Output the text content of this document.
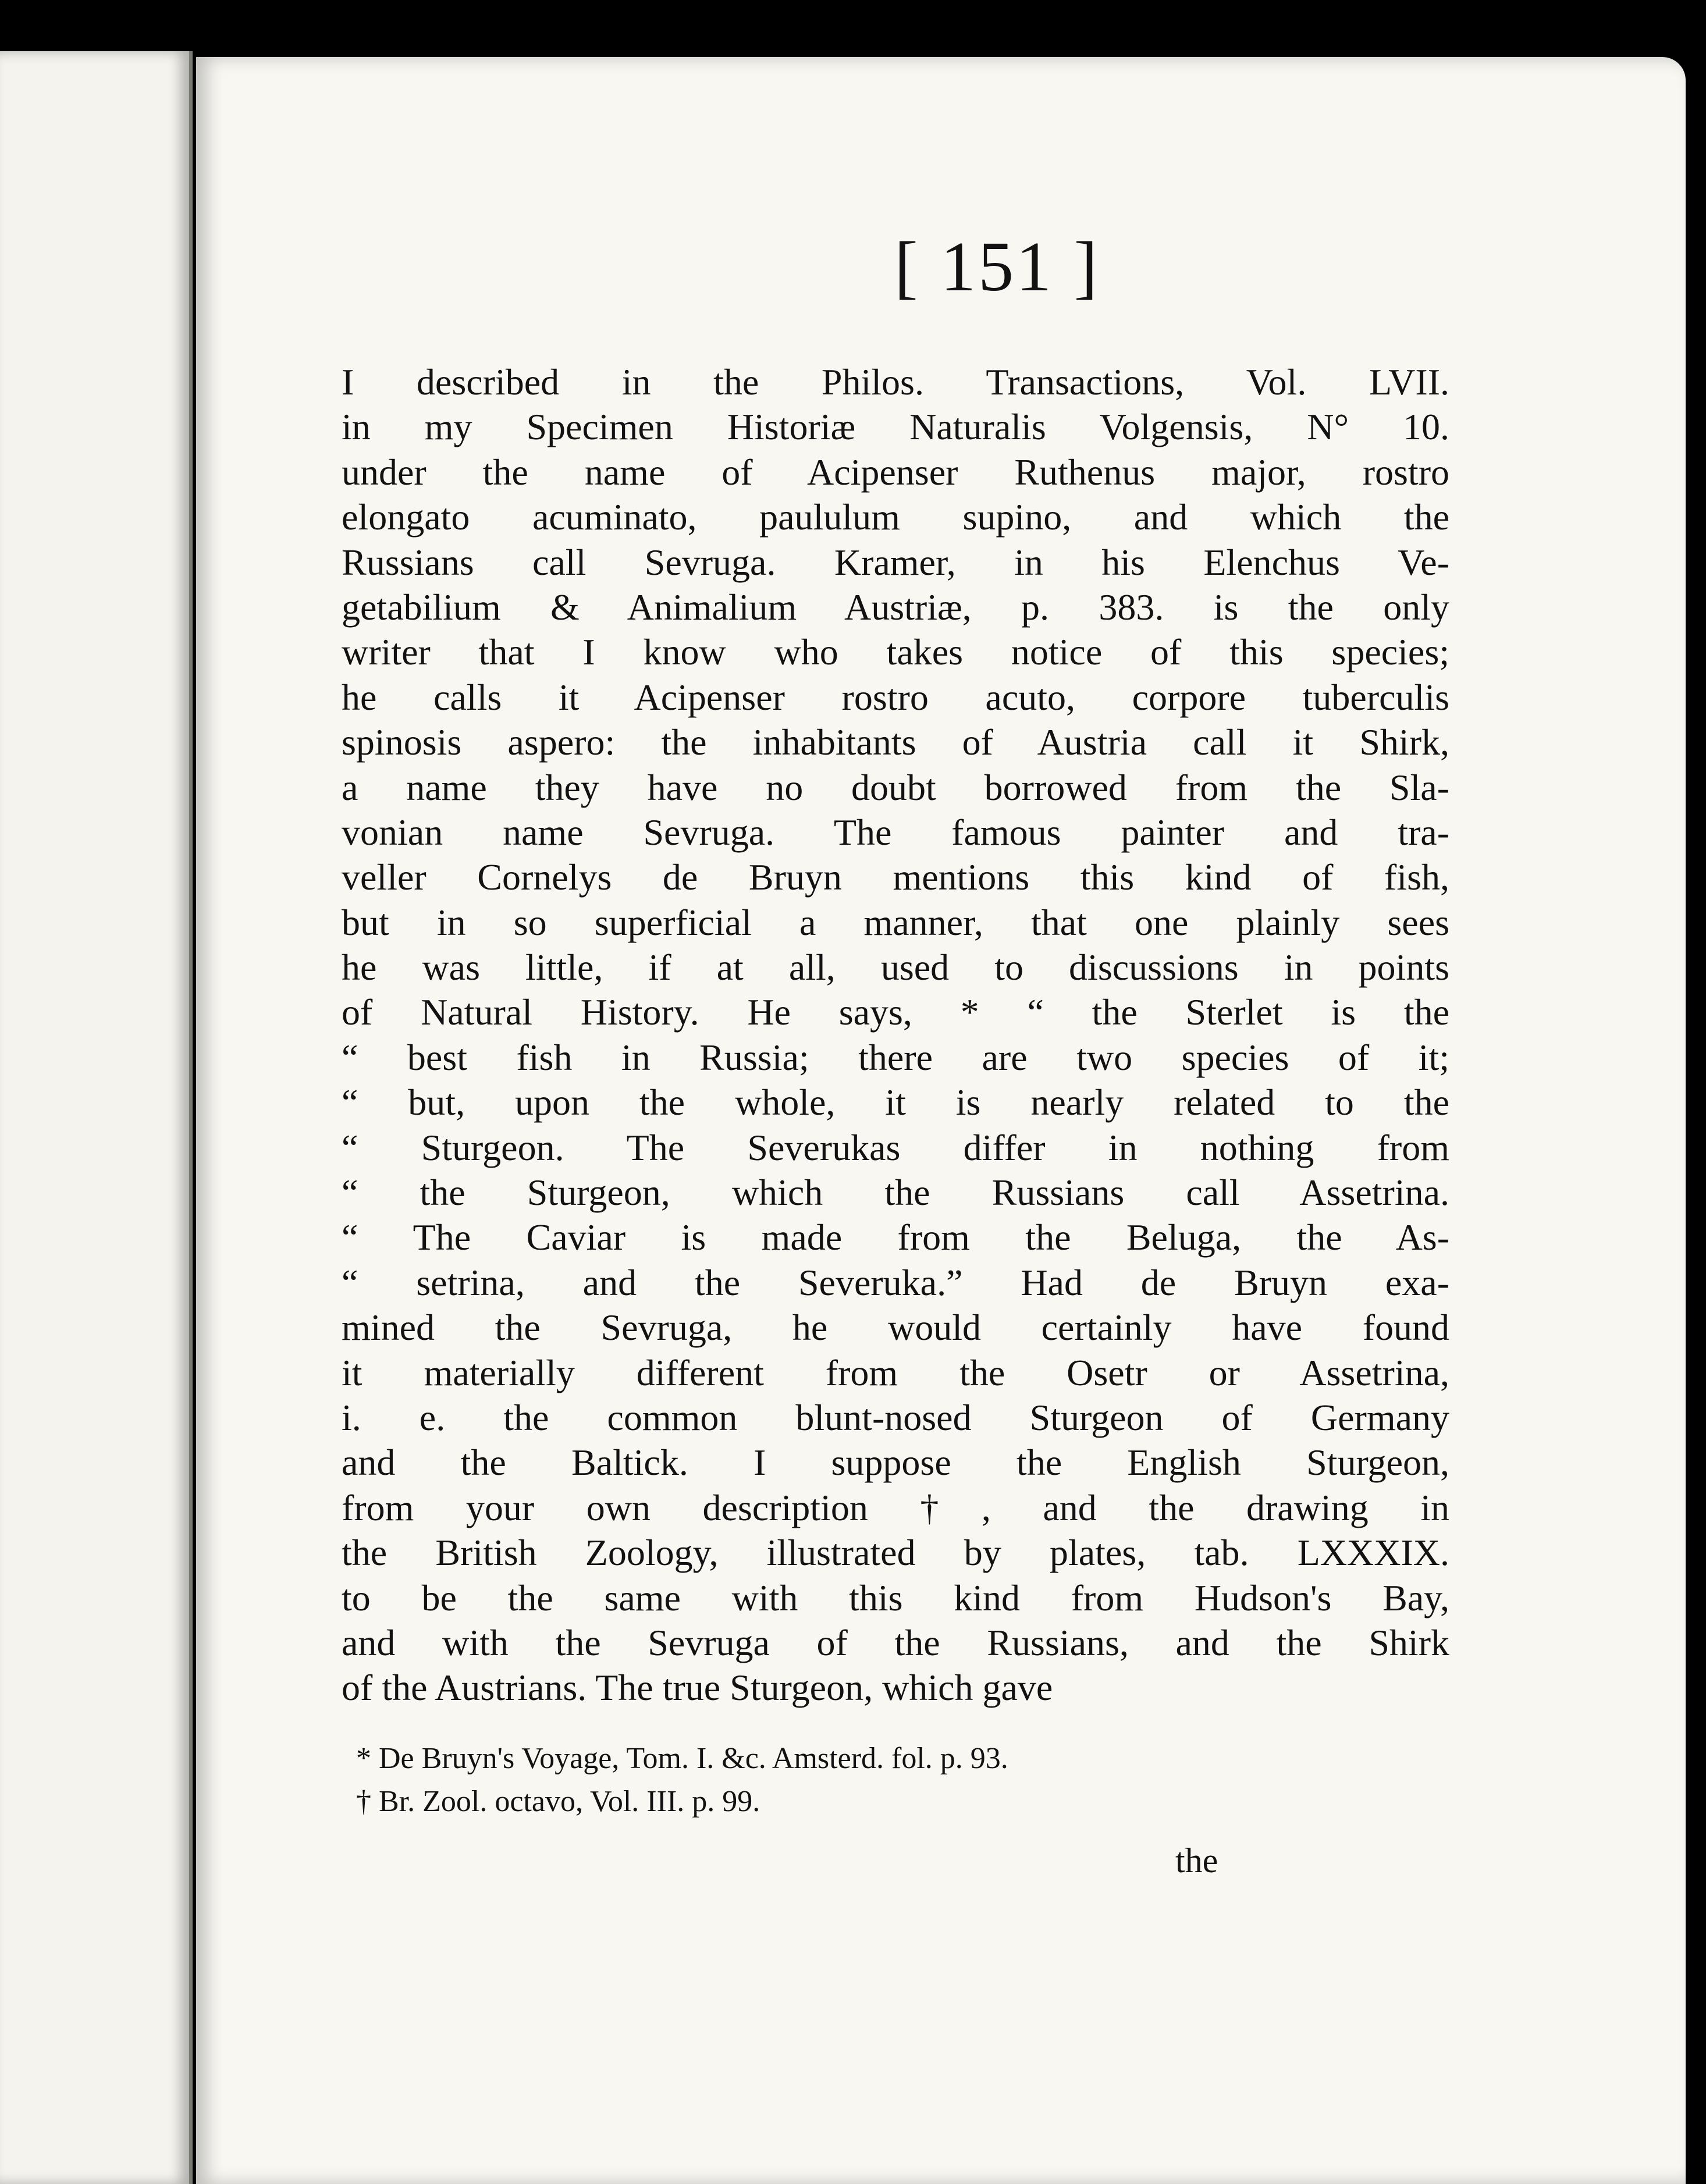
[ 151 ]
I described in the Philos. Transactions, Vol. LVII.
in my Specimen Historiæ Naturalis Volgensis, N° 10.
under the name of Acipenser Ruthenus major, rostro
elongato acuminato, paululum supino, and which the
Russians call Sevruga. Kramer, in his Elenchus Ve-
getabilium & Animalium Austriæ, p. 383. is the only
writer that I know who takes notice of this species;
he calls it Acipenser rostro acuto, corpore tuberculis
spinosis aspero: the inhabitants of Austria call it Shirk,
a name they have no doubt borrowed from the Sla-
vonian name Sevruga. The famous painter and tra-
veller Cornelys de Bruyn mentions this kind of fish,
but in so superficial a manner, that one plainly sees
he was little, if at all, used to discussions in points
of Natural History. He says, * “ the Sterlet is the
“ best fish in Russia; there are two species of it;
“ but, upon the whole, it is nearly related to the
“ Sturgeon. The Severukas differ in nothing from
“ the Sturgeon, which the Russians call Assetrina.
“ The Caviar is made from the Beluga, the As-
“ setrina, and the Severuka.” Had de Bruyn exa-
mined the Sevruga, he would certainly have found
it materially different from the Osetr or Assetrina,
i. e. the common blunt-nosed Sturgeon of Germany
and the Baltick. I suppose the English Sturgeon,
from your own description †, and the drawing in
the British Zoology, illustrated by plates, tab. LXXXIX.
to be the same with this kind from Hudson's Bay,
and with the Sevruga of the Russians, and the Shirk
of the Austrians. The true Sturgeon, which gave
* De Bruyn's Voyage, Tom. I. &c. Amsterd. fol. p. 93.
† Br. Zool. octavo, Vol. III. p. 99.
the
